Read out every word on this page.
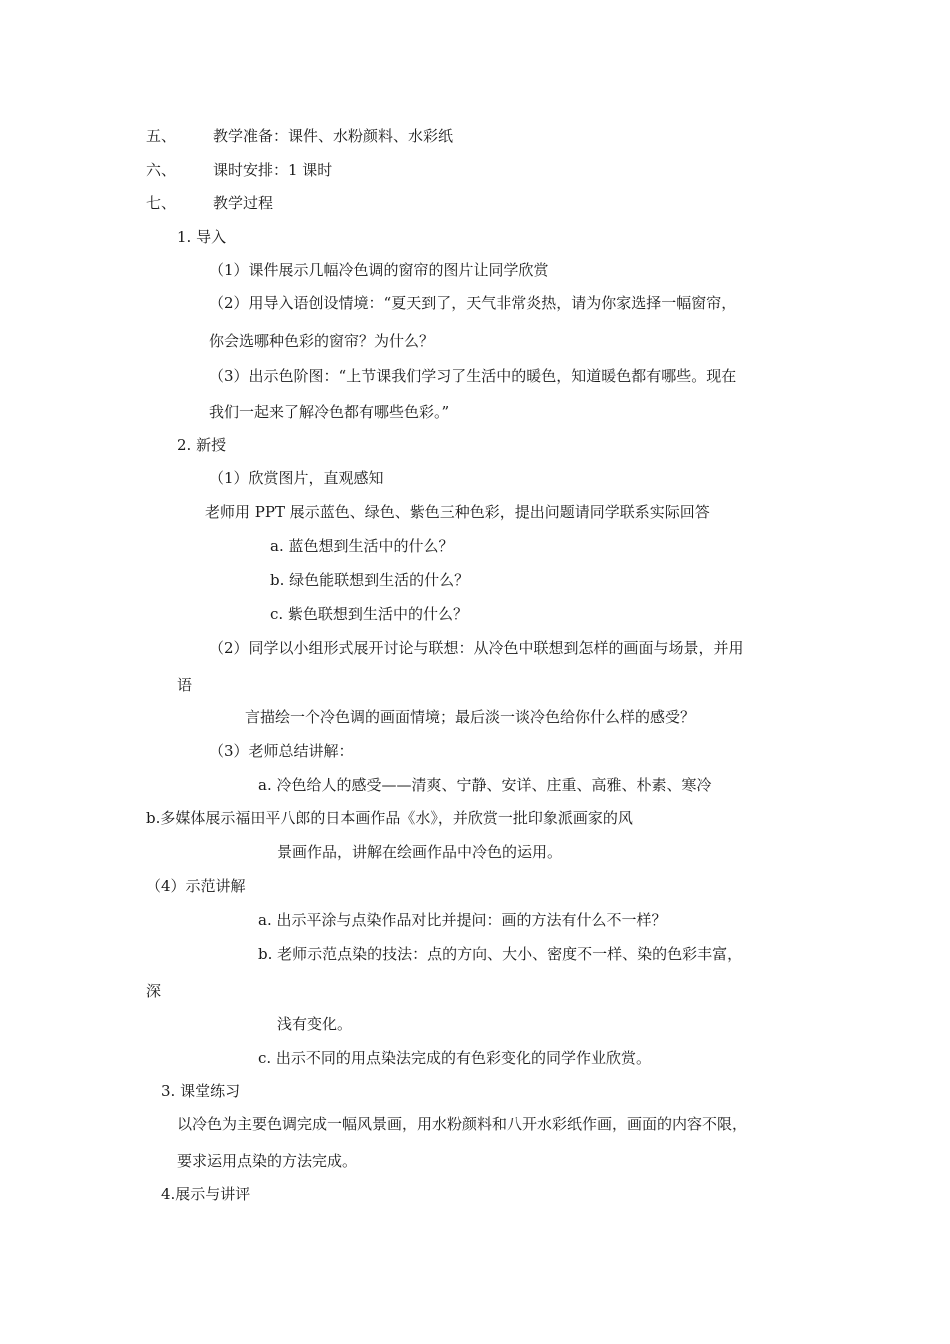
五、 教学准备：课件、水粉颜料、水彩纸
六、 课时安排：1 课时
七、 教学过程
1. 导入
（1）课件展示几幅冷色调的窗帘的图片让同学欣赏
（2）用导入语创设情境：“夏天到了，天气非常炎热，请为你家选择一幅窗帘，
你会选哪种色彩的窗帘？为什么？
（3）出示色阶图：“上节课我们学习了生活中的暖色，知道暖色都有哪些。现在
我们一起来了解冷色都有哪些色彩。”
2. 新授
（1）欣赏图片，直观感知
老师用 PPT 展示蓝色、绿色、紫色三种色彩，提出问题请同学联系实际回答
a. 蓝色想到生活中的什么？
b. 绿色能联想到生活的什么？
c. 紫色联想到生活中的什么？
（2）同学以小组形式展开讨论与联想：从冷色中联想到怎样的画面与场景，并用
语
言描绘一个冷色调的画面情境；最后淡一谈冷色给你什么样的感受？
（3）老师总结讲解：
a. 冷色给人的感受——清爽、宁静、安详、庄重、高雅、朴素、寒冷
b.多媒体展示福田平八郎的日本画作品《水》，并欣赏一批印象派画家的风
景画作品，讲解在绘画作品中冷色的运用。
（4）示范讲解
a. 出示平涂与点染作品对比并提问：画的方法有什么不一样？
b. 老师示范点染的技法：点的方向、大小、密度不一样、染的色彩丰富，
深
浅有变化。
c. 出示不同的用点染法完成的有色彩变化的同学作业欣赏。
3. 课堂练习
以冷色为主要色调完成一幅风景画，用水粉颜料和八开水彩纸作画，画面的内容不限，
要求运用点染的方法完成。
4.展示与讲评
